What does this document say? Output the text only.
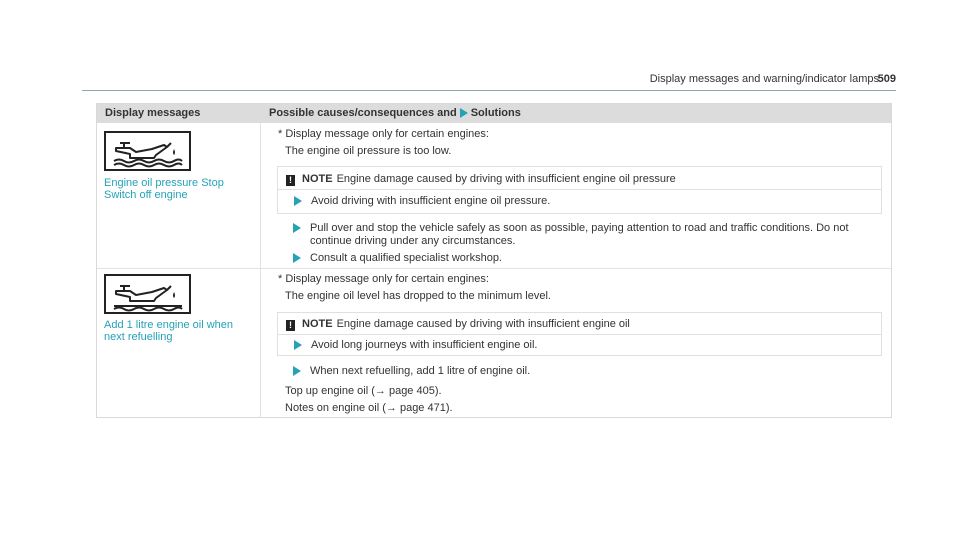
Display messages and warning/indicator lamps
509
Display messages	Possible causes/consequences and Solutions
Engine oil pressure Stop
Switch off engine
* Display message only for certain engines:
The engine oil pressure is too low.
! NOTE Engine damage caused by driving with insufficient engine oil pressure
Avoid driving with insufficient engine oil pressure.
Pull over and stop the vehicle safely as soon as possible, paying attention to road and traffic conditions. Do not
continue driving under any circumstances.
Consult a qualified specialist workshop.
Add 1 litre engine oil when
next refuelling
* Display message only for certain engines:
The engine oil level has dropped to the minimum level.
! NOTE Engine damage caused by driving with insufficient engine oil
Avoid long journeys with insufficient engine oil.
When next refuelling, add 1 litre of engine oil.
Top up engine oil (→ page 405).
Notes on engine oil (→ page 471).
